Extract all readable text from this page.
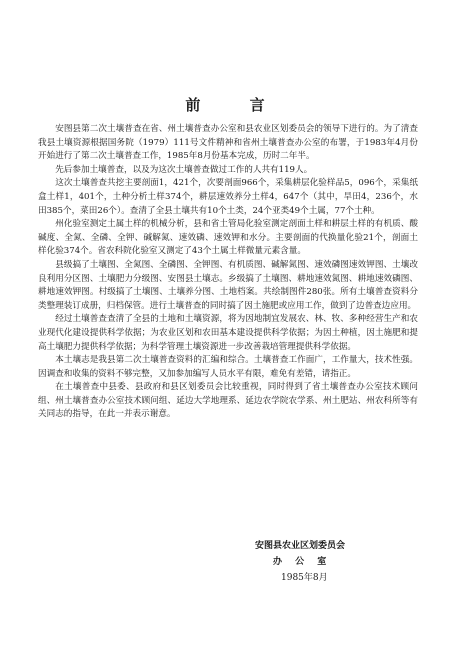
前 言

安图县第二次土壤普查在省、州土壤普查办公室和县农业区划委员会的领导下进行的。为了清查我县土壤资源根据国务院（1979）111号文件精神和省州土壤普查办公室的布署，于1983年4月份开始进行了第二次土壤普查工作，1985年8月份基本完成，历时二年半。

先后参加土壤普查，以及为这次土壤普查做过工作的人共有119人。

这次土壤普查共挖主要剖面1，421个，次要剖面966个，采集耕层化验样品5，096个，采集纸盒土样1，401个，土种分析土样374个，耕层速效养分土样4，647个（其中，旱田4，236个，水田385个，菜田26个）。查清了全县土壤共有10个土类，24个亚类49个土属，77个土种。

州化验室测定土属土样的机械分析，县和省土管局化验室测定剖面土样和耕层土样的有机质、酸碱度、全氮、全磷、全钾、碱解氮、速效磷、速效钾和水分。主要剖面的代换量化验21个，剖面土样化验374个。省农科院化验室又测定了43个土属土样微量元素含量。

县级搞了土壤图、全氮图、全磷图、全钾图、有机质图、碱解氮图、速效磷图速效钾图、土壤改良利用分区图、土壤肥力分级图、安图县土壤志。乡级搞了土壤图、耕地速效氮图、耕地速效磷图、耕地速效钾图。村级搞了土壤图、土壤养分图、土地档案。共绘制图件280张。所有土壤普查资料分类整理装订成册，归档保管。进行土壤普查的同时搞了因土施肥或应用工作，做到了边普查边应用。

经过土壤普查查清了全县的土地和土壤资源，将为因地制宜发展农、林、牧、多种经营生产和农业现代化建设提供科学依据；为农业区划和农田基本建设提供科学依据；为因土种植，因土施肥和提高土壤肥力提供科学依据；为科学管理土壤资源进一步改善栽培管理提供科学依据。

本土壤志是我县第二次土壤普查资料的汇编和综合。土壤普查工作面广，工作量大，技术性强。因调查和收集的资料不够完整，又加参加编写人员水平有限，难免有差错，请指正。

在土壤普查中县委、县政府和县区划委员会比较重视，同时得到了省土壤普查办公室技术顾问组、州土壤普查办公室技术顾问组、延边大学地理系、延边农学院农学系、州土肥站、州农科所等有关同志的指导，在此一并表示谢意。

安图县农业区划委员会
办 公 室
1985年8月
